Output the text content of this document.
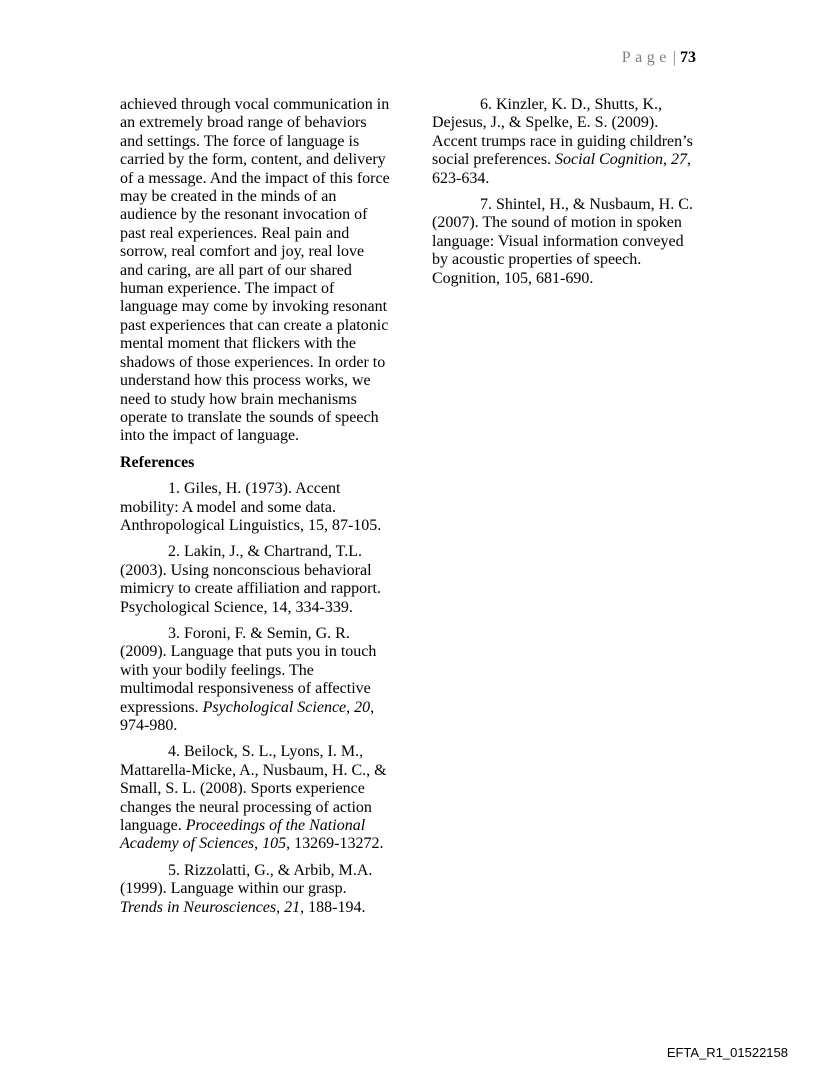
Page | 73

achieved through vocal communication in an extremely broad range of behaviors and settings. The force of language is carried by the form, content, and delivery of a message. And the impact of this force may be created in the minds of an audience by the resonant invocation of past real experiences. Real pain and sorrow, real comfort and joy, real love and caring, are all part of our shared human experience. The impact of language may come by invoking resonant past experiences that can create a platonic mental moment that flickers with the shadows of those experiences. In order to understand how this process works, we need to study how brain mechanisms operate to translate the sounds of speech into the impact of language.

References

1. Giles, H. (1973). Accent mobility: A model and some data. Anthropological Linguistics, 15, 87-105.

2. Lakin, J., & Chartrand, T.L. (2003). Using nonconscious behavioral mimicry to create affiliation and rapport. Psychological Science, 14, 334-339.

3. Foroni, F. & Semin, G. R. (2009). Language that puts you in touch with your bodily feelings. The multimodal responsiveness of affective expressions. Psychological Science, 20, 974-980.

4. Beilock, S. L., Lyons, I. M., Mattarella-Micke, A., Nusbaum, H. C., & Small, S. L. (2008). Sports experience changes the neural processing of action language. Proceedings of the National Academy of Sciences, 105, 13269-13272.

5. Rizzolatti, G., & Arbib, M.A. (1999). Language within our grasp. Trends in Neurosciences, 21, 188-194.

6. Kinzler, K. D., Shutts, K., Dejesus, J., & Spelke, E. S. (2009). Accent trumps race in guiding children’s social preferences. Social Cognition, 27, 623-634.

7. Shintel, H., & Nusbaum, H. C. (2007). The sound of motion in spoken language: Visual information conveyed by acoustic properties of speech. Cognition, 105, 681-690.

EFTA_R1_01522158
